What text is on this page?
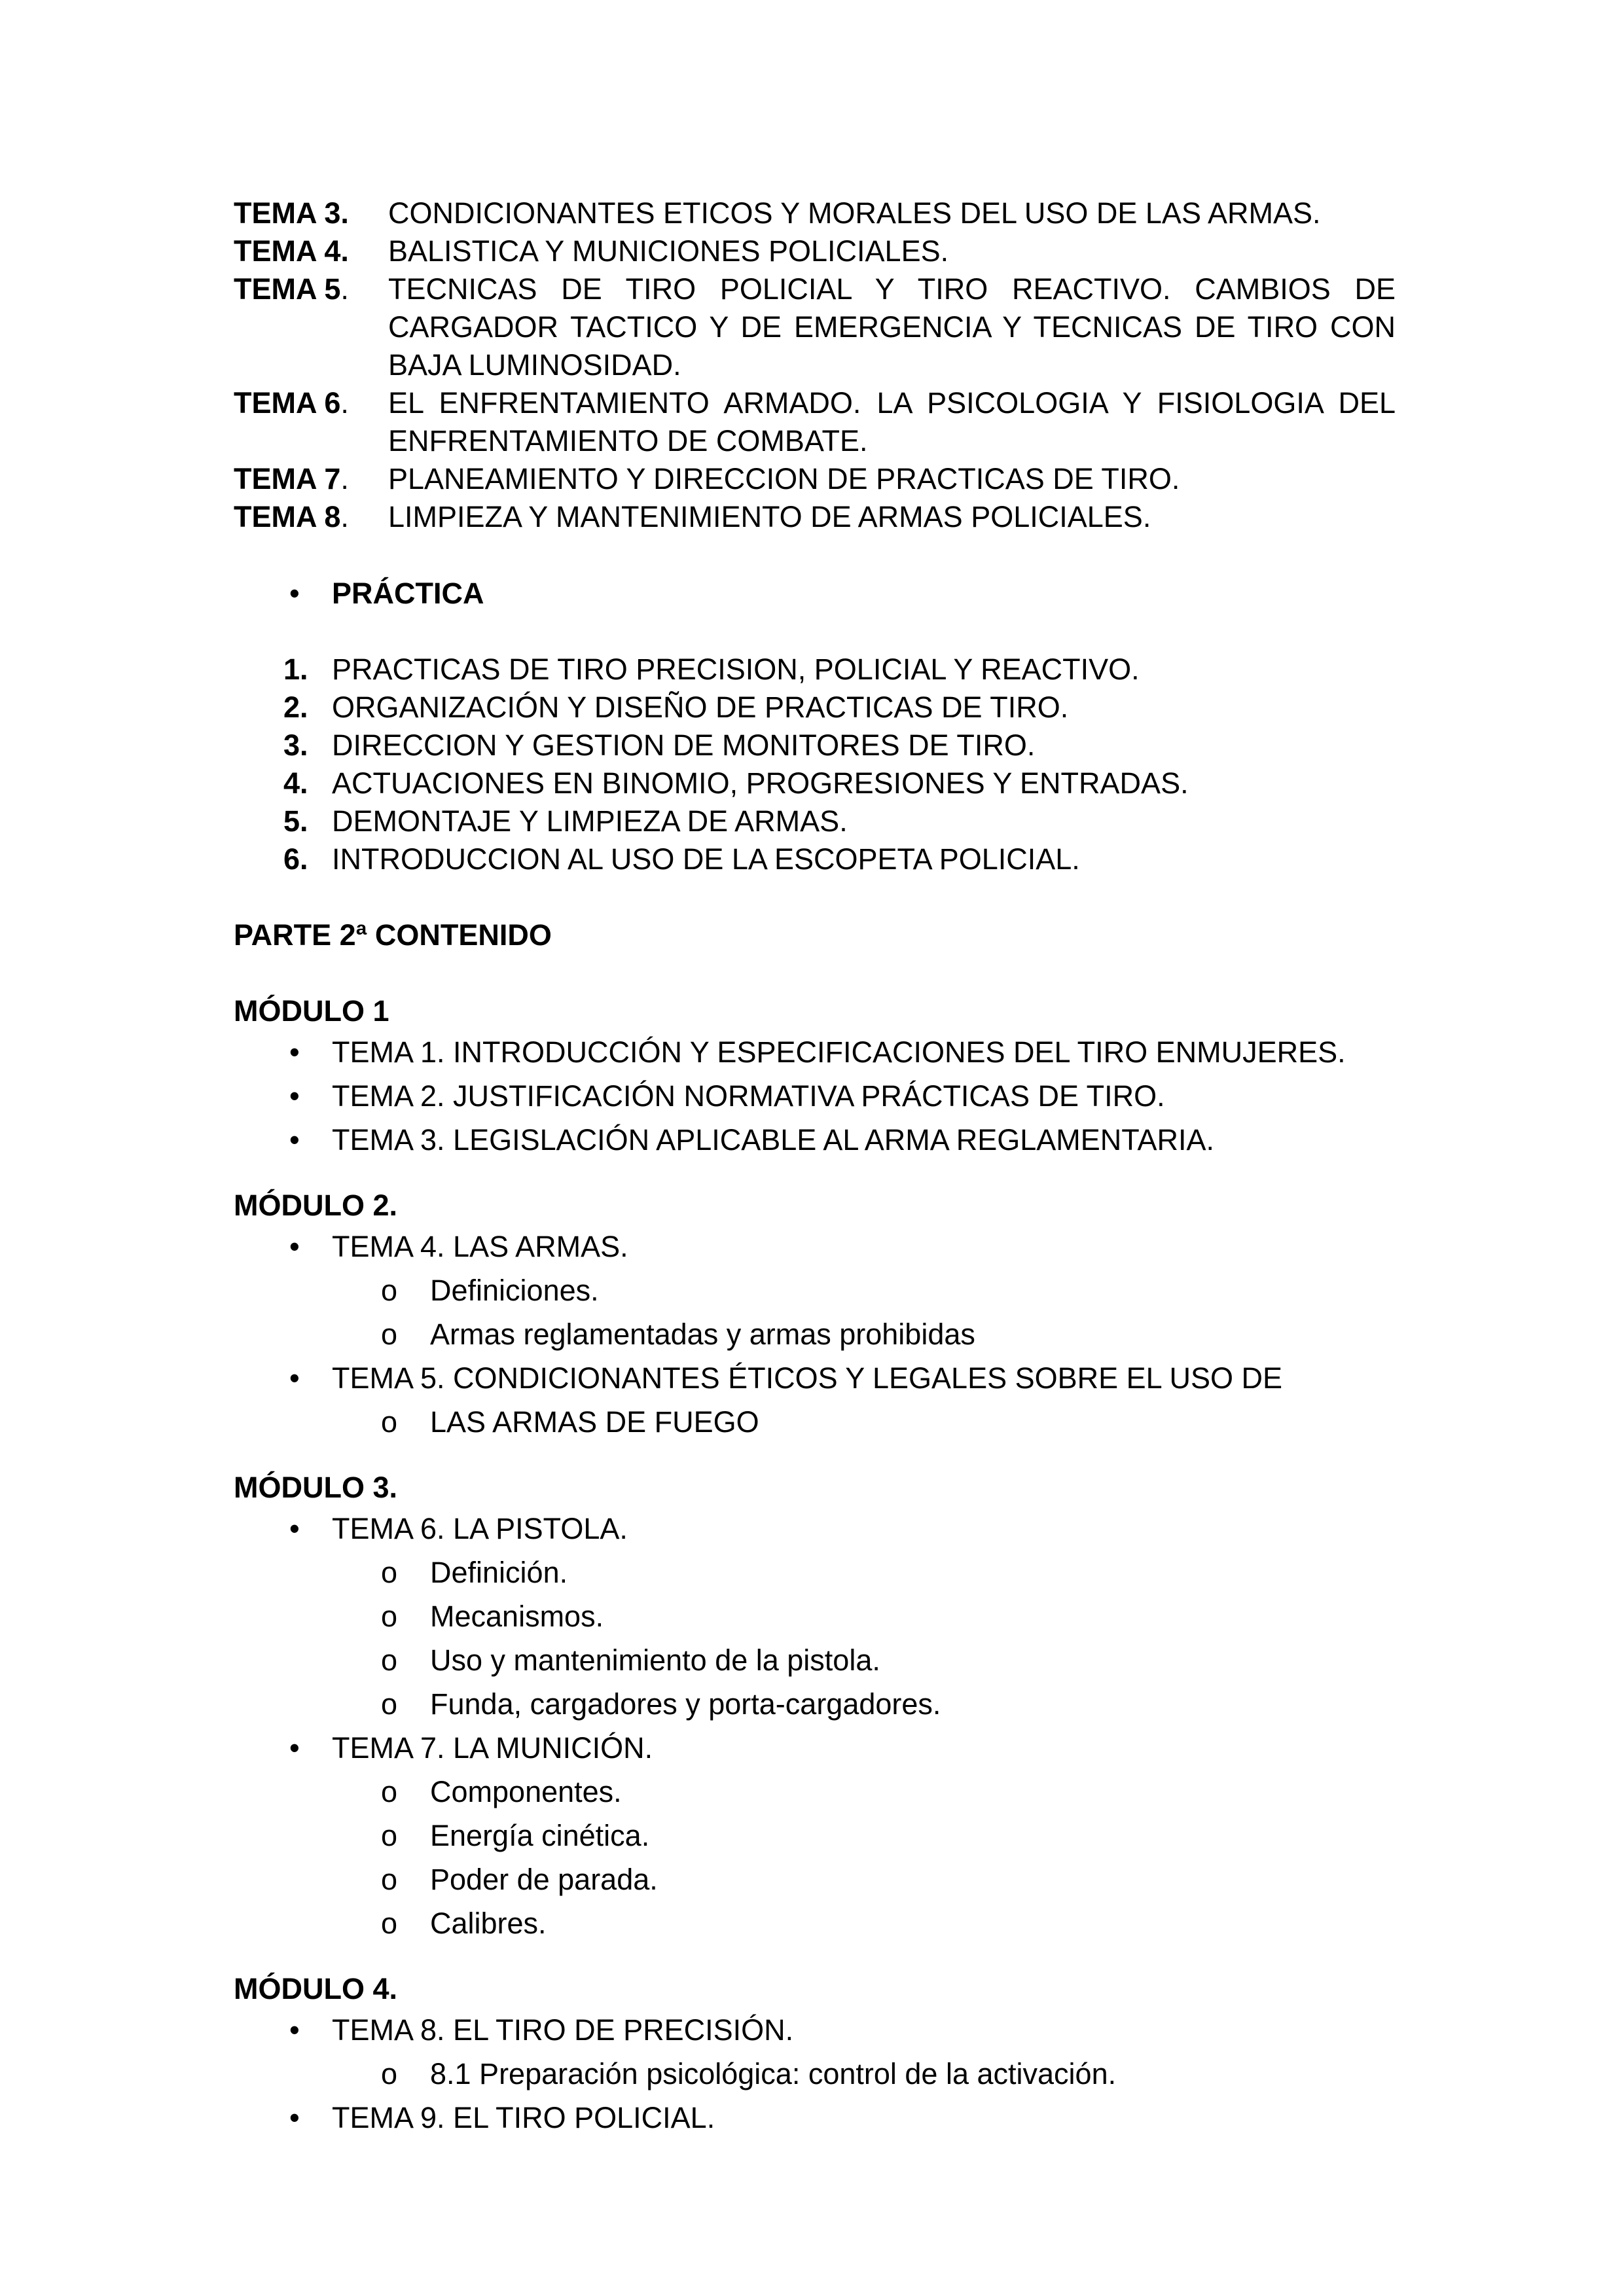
TEMA 3.	CONDICIONANTES ETICOS Y MORALES DEL USO DE LAS ARMAS.
TEMA 4.	BALISTICA Y MUNICIONES POLICIALES.
TEMA 5.	TECNICAS DE TIRO POLICIAL Y TIRO REACTIVO. CAMBIOS DE CARGADOR TACTICO Y DE EMERGENCIA Y TECNICAS DE TIRO CON BAJA LUMINOSIDAD.
TEMA 6.	EL ENFRENTAMIENTO ARMADO. LA PSICOLOGIA Y FISIOLOGIA DEL ENFRENTAMIENTO DE COMBATE.
TEMA 7.	PLANEAMIENTO Y DIRECCION DE PRACTICAS DE TIRO.
TEMA 8.	LIMPIEZA Y MANTENIMIENTO DE ARMAS POLICIALES.
•	PRÁCTICA
1. PRACTICAS DE TIRO PRECISION, POLICIAL Y REACTIVO.
2. ORGANIZACIÓN Y DISEÑO DE PRACTICAS DE TIRO.
3. DIRECCION Y GESTION DE MONITORES DE TIRO.
4. ACTUACIONES EN BINOMIO, PROGRESIONES Y ENTRADAS.
5. DEMONTAJE Y LIMPIEZA DE ARMAS.
6. INTRODUCCION AL USO DE LA ESCOPETA POLICIAL.
PARTE 2ª CONTENIDO
MÓDULO 1
•	TEMA 1. INTRODUCCIÓN Y ESPECIFICACIONES DEL TIRO ENMUJERES.
•	TEMA 2. JUSTIFICACIÓN NORMATIVA PRÁCTICAS DE TIRO.
•	TEMA 3. LEGISLACIÓN APLICABLE AL ARMA REGLAMENTARIA.
MÓDULO 2.
•	TEMA 4. LAS ARMAS.
o	Definiciones.
o	Armas reglamentadas y armas prohibidas
•	TEMA 5. CONDICIONANTES ÉTICOS Y LEGALES SOBRE EL USO DE
o	LAS ARMAS DE FUEGO
MÓDULO 3.
•	TEMA 6. LA PISTOLA.
o	Definición.
o	Mecanismos.
o	Uso y mantenimiento de la pistola.
o	Funda, cargadores y porta-cargadores.
•	TEMA 7. LA MUNICIÓN.
o	Componentes.
o	Energía cinética.
o	Poder de parada.
o	Calibres.
MÓDULO 4.
•	TEMA 8. EL TIRO DE PRECISIÓN.
o	8.1 Preparación psicológica: control de la activación.
•	TEMA 9. EL TIRO POLICIAL.
